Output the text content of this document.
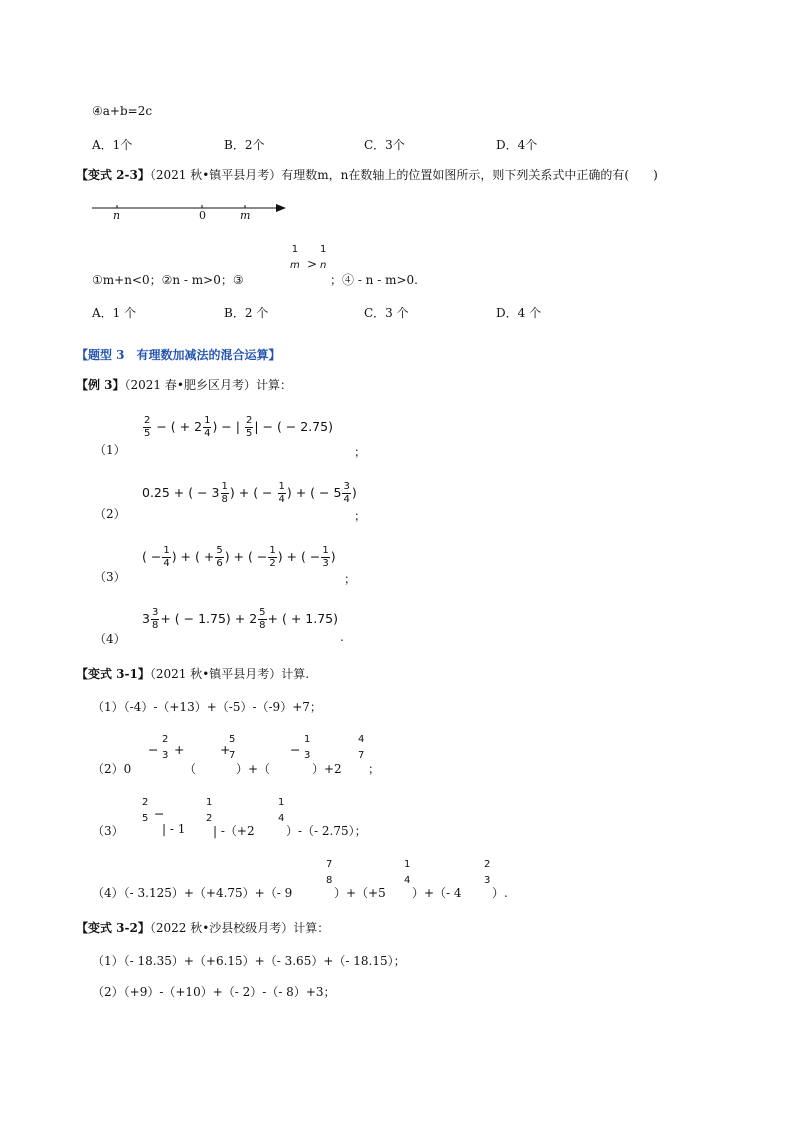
④a+b=2c
A．1个	B．2个	C．3个	D．4个
【变式 2-3】（2021 秋•镇平县月考）有理数m，n在数轴上的位置如图所示，则下列关系式中正确的有(　　)
n	0	m
①m+n<0；②n - m>0；③
1
m >
1
n
；④ - n - m>0.
A．1 个	B．2 个	C．3 个	D．4 个
【题型 3　有理数加减法的混合运算】
【例 3】（2021 春•肥乡区月考）计算：
（1）
$\frac{2}{5}$ − ( + $2 \frac{1}{4}$ ) − | $\frac{2}{5}$ | − ( − 2.75)
；
（2）
0.25 + ( − $3 \frac{1}{8}$ ) + ( − $\frac{1}{4}$ ) + ( − $5 \frac{3}{4}$ )
；
（3）
( − $\frac{1}{4}$ ) + ( + $\frac{5}{6}$ ) + ( − $\frac{1}{2}$ ) + ( − $\frac{1}{3}$ )
；
（4）
$3 \frac{3}{8}$ + ( − $1.75) + 2 \frac{5}{8}$ + ( + 1.75)
.
【变式 3-1】（2021 秋•镇平县月考）计算.
（1）（-4）-（+13）+（-5）-（-9）+7；
（2）0
−
2
3 +
（
+
5
7
）+（
−
1
3
）+2
4
7
；
（3）
2
5 −
| - 1
1
2
| -（+2
1
4
）-（- 2.75）；
（4）（- 3.125）+（+4.75）+（- 9
7
8
）+（+5
1
4
）+（- 4
2
3
）.
【变式 3-2】（2022 秋•沙县校级月考）计算：
（1）（- 18.35）+（+6.15）+（- 3.65）+（- 18.15）；
（2）（+9）-（+10）+（- 2）-（- 8）+3；
